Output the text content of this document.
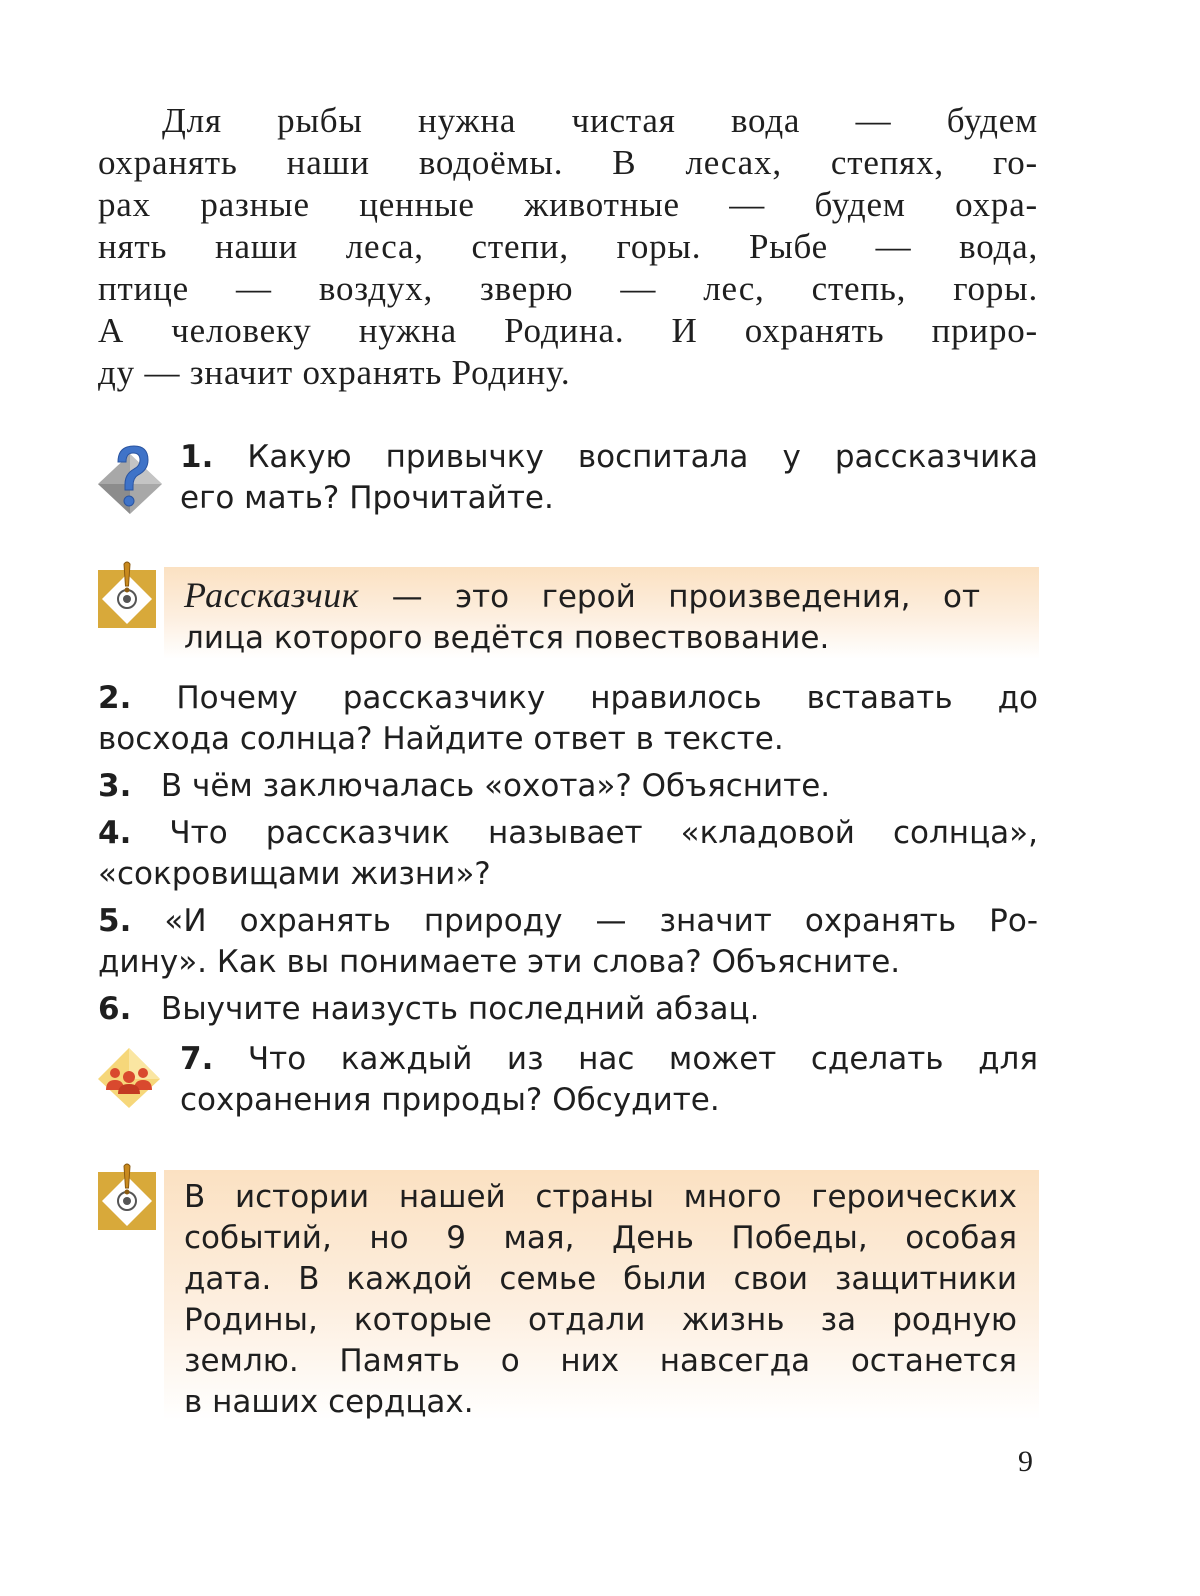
Для рыбы нужна чистая вода — будем
охранять наши водоёмы. В лесах, степях, го-
рах разные ценные животные — будем охра-
нять наши леса, степи, горы. Рыбе — вода,
птице — воздух, зверю — лес, степь, горы.
А человеку нужна Родина. И охранять приро-
ду — значит охранять Родину.
1. Какую привычку воспитала у рассказчика
его мать? Прочитайте.
Рассказчик — это герой произведения, от
лица которого ведётся повествование.
2. Почему рассказчику нравилось вставать до
восхода солнца? Найдите ответ в тексте.
3. В чём заключалась «охота»? Объясните.
4. Что рассказчик называет «кладовой солнца»,
«сокровищами жизни»?
5. «И охранять природу — значит охранять Ро-
дину». Как вы понимаете эти слова? Объясните.
6. Выучите наизусть последний абзац.
7. Что каждый из нас может сделать для
сохранения природы? Обсудите.
В истории нашей страны много героических
событий, но 9 мая, День Победы, особая
дата. В каждой семье были свои защитники
Родины, которые отдали жизнь за родную
землю. Память о них навсегда останется
в наших сердцах.
9
